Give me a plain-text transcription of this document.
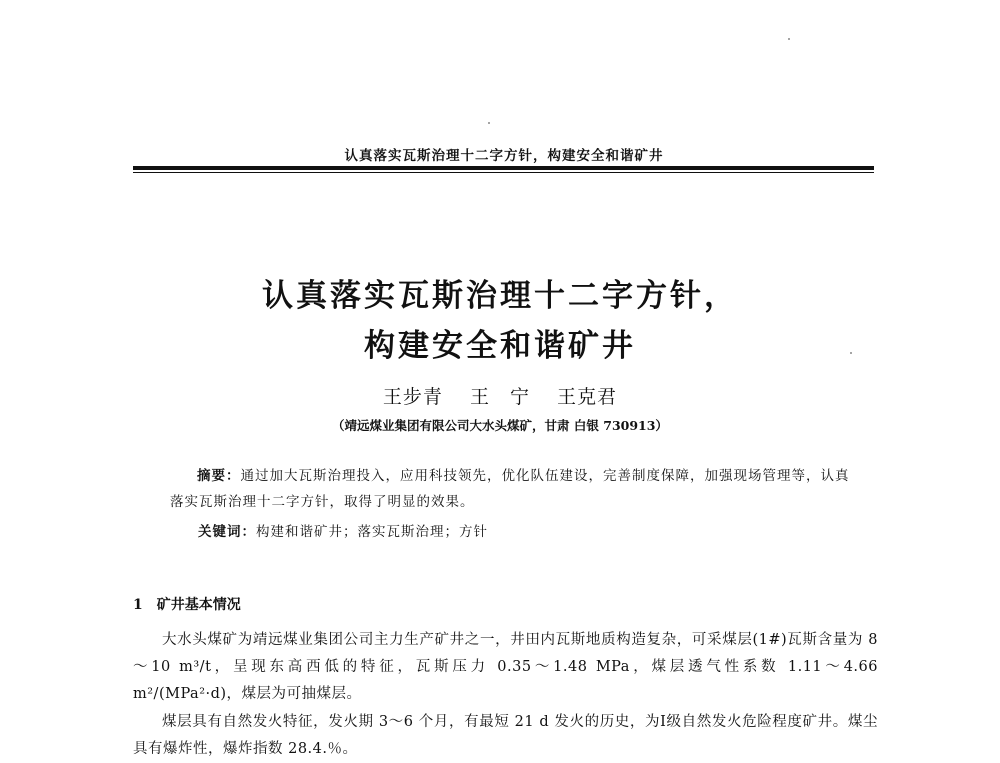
认真落实瓦斯治理十二字方针，构建安全和谐矿井
认真落实瓦斯治理十二字方针，
构建安全和谐矿井
王步青 王　宁 王克君
（靖远煤业集团有限公司大水头煤矿，甘肃 白银 730913）
摘要：通过加大瓦斯治理投入，应用科技领先，优化队伍建设，完善制度保障，加强现场管理等，认真落实瓦斯治理十二字方针，取得了明显的效果。
关键词：构建和谐矿井；落实瓦斯治理；方针
1 矿井基本情况
大水头煤矿为靖远煤业集团公司主力生产矿井之一，井田内瓦斯地质构造复杂，可采煤层(1#)瓦斯含量为 8～10 m³/t，呈现东高西低的特征，瓦斯压力 0.35～1.48 MPa，煤层透气性系数 1.11～4.66 m²/(MPa²·d)，煤层为可抽煤层。
煤层具有自然发火特征，发火期 3～6 个月，有最短 21 d 发火的历史，为Ⅰ级自然发火危险程度矿井。煤尘具有爆炸性，爆炸指数 28.4.％。
